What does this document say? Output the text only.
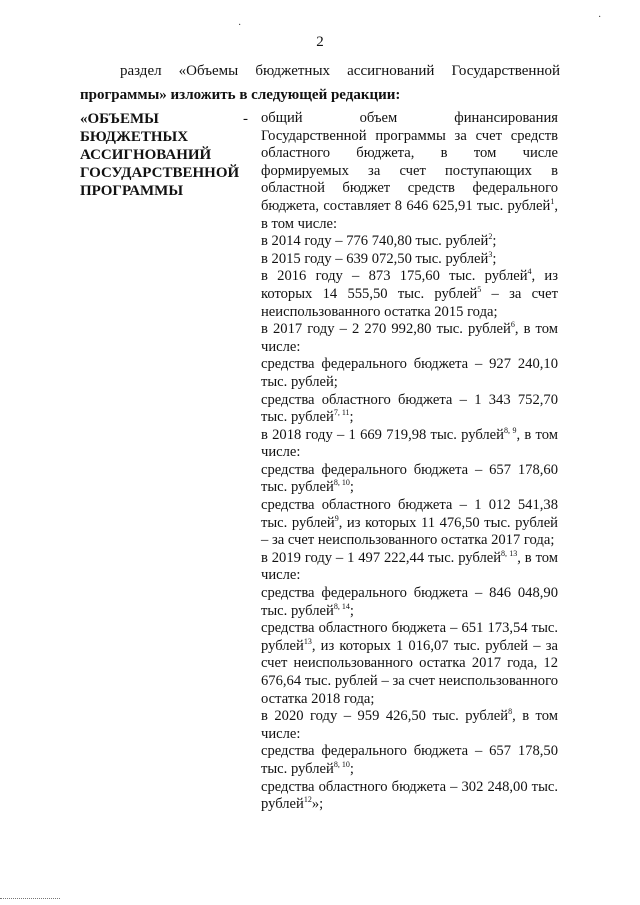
2
раздел «Объемы бюджетных ассигнований Государственной
программы» изложить в следующей редакции:
«ОБЪЕМЫ
БЮДЖЕТНЫХ
АССИГНОВАНИЙ
ГОСУДАРСТВЕННОЙ
ПРОГРАММЫ
- общий объем финансирования Государственной программы за счет средств областного бюджета, в том числе формируемых за счет поступающих в областной бюджет средств федерального бюджета, составляет 8 646 625,91 тыс. рублей$^1$, в том числе:

в 2014 году – 776 740,80 тыс. рублей$^2$;

в 2015 году – 639 072,50 тыс. рублей$^3$;

в 2016 году – 873 175,60 тыс. рублей$^4$, из которых 14 555,50 тыс. рублей$^5$ – за счет неиспользованного остатка 2015 года;

в 2017 году – 2 270 992,80 тыс. рублей$^6$, в том числе:

средства федерального бюджета – 927 240,10 тыс. рублей;

средства областного бюджета – 1 343 752,70 тыс. рублей$^{7, 11}$;

в 2018 году – 1 669 719,98 тыс. рублей$^{8, 9}$, в том числе:

средства федерального бюджета – 657 178,60 тыс. рублей$^{8, 10}$;

средства областного бюджета – 1 012 541,38 тыс. рублей$^9$, из которых 11 476,50 тыс. рублей – за счет неиспользованного остатка 2017 года;

в 2019 году – 1 497 222,44 тыс. рублей$^{8, 13}$, в том числе:

средства федерального бюджета – 846 048,90 тыс. рублей$^{8, 14}$;

средства областного бюджета – 651 173,54 тыс. рублей$^{13}$, из которых 1 016,07 тыс. рублей – за счет неиспользованного остатка 2017 года, 12 676,64 тыс. рублей – за счет неиспользованного остатка 2018 года;

в 2020 году – 959 426,50 тыс. рублей$^8$, в том числе:

средства федерального бюджета – 657 178,50 тыс. рублей$^{8, 10}$;

средства областного бюджета – 302 248,00 тыс. рублей$^{12}$»;

·
·
